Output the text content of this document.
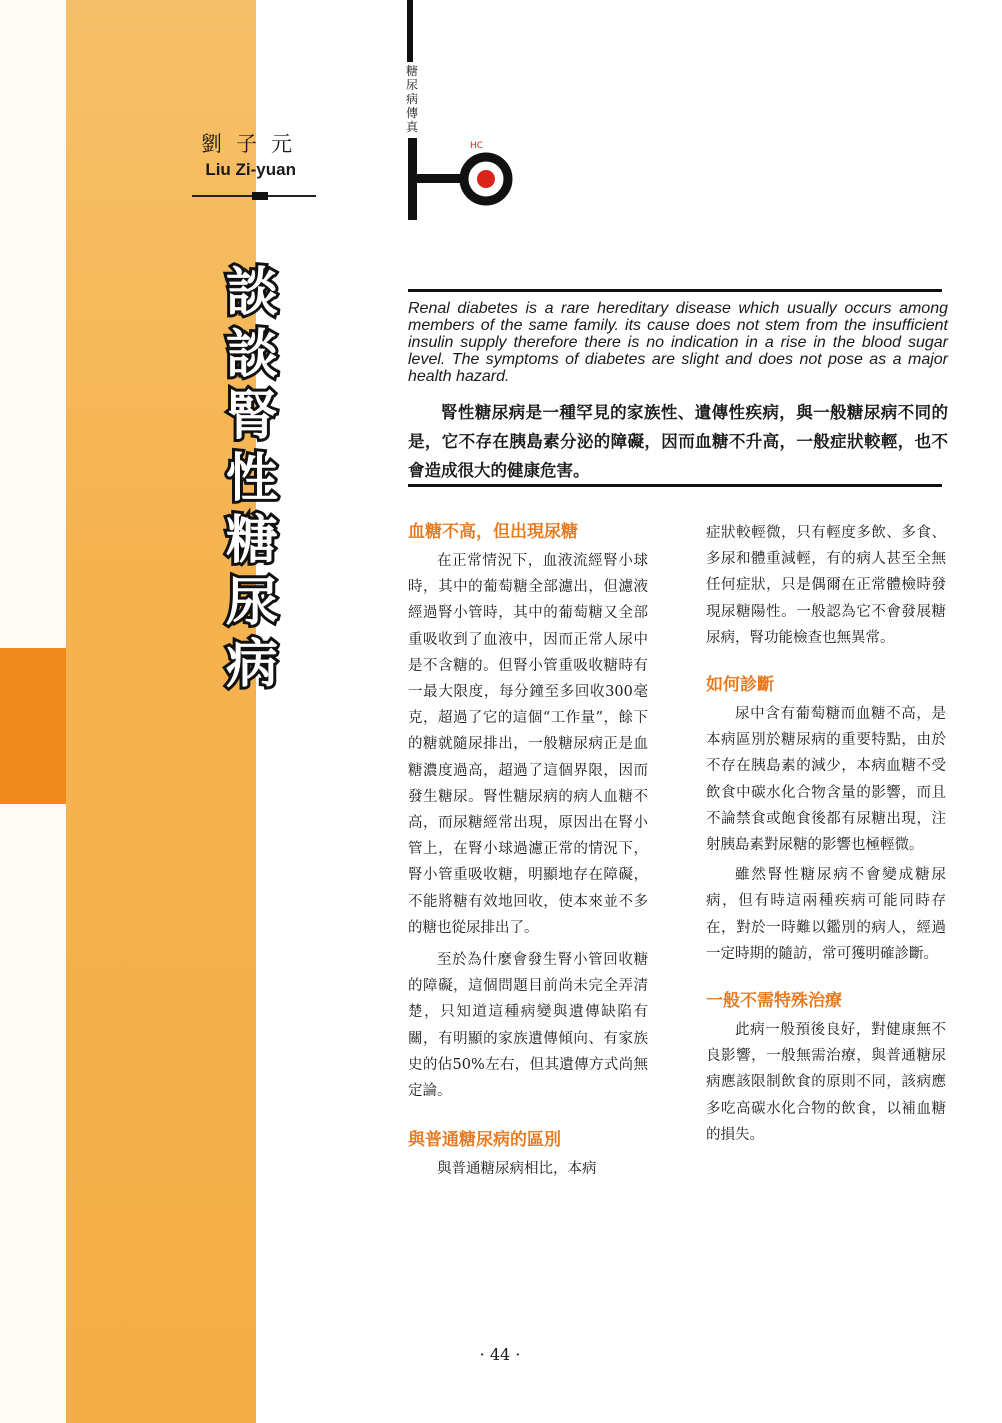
劉子元
Liu Zi-yuan
談談腎性糖尿病
糖尿病傳真
HC
Renal diabetes is a rare hereditary disease which usually occurs among members of the same family. its cause does not stem from the insufficient insulin supply therefore there is no indication in a rise in the blood sugar level. The symptoms of diabetes are slight and does not pose as a major health hazard.
腎性糖尿病是一種罕見的家族性、遺傳性疾病，與一般糖尿病不同的是，它不存在胰島素分泌的障礙，因而血糖不升高，一般症狀較輕，也不會造成很大的健康危害。
血糖不高，但出現尿糖

在正常情況下，血液流經腎小球時，其中的葡萄糖全部濾出，但濾液經過腎小管時，其中的葡萄糖又全部重吸收到了血液中，因而正常人尿中是不含糖的。但腎小管重吸收糖時有一最大限度，每分鐘至多回收300毫克，超過了它的這個“工作量”，餘下的糖就隨尿排出，一般糖尿病正是血糖濃度過高，超過了這個界限，因而發生糖尿。腎性糖尿病的病人血糖不高，而尿糖經常出現，原因出在腎小管上，在腎小球過濾正常的情況下，腎小管重吸收糖，明顯地存在障礙，不能將糖有效地回收，使本來並不多的糖也從尿排出了。

至於為什麼會發生腎小管回收糖的障礙，這個問題目前尚未完全弄清楚，只知道這種病變與遺傳缺陷有關，有明顯的家族遺傳傾向、有家族史的佔50%左右，但其遺傳方式尚無定論。

與普通糖尿病的區別

與普通糖尿病相比，本病

症狀較輕微，只有輕度多飲、多食、多尿和體重減輕，有的病人甚至全無任何症狀，只是偶爾在正常體檢時發現尿糖陽性。一般認為它不會發展糖尿病，腎功能檢查也無異常。

如何診斷

尿中含有葡萄糖而血糖不高，是本病區別於糖尿病的重要特點，由於不存在胰島素的減少，本病血糖不受飲食中碳水化合物含量的影響，而且不論禁食或飽食後都有尿糖出現，注射胰島素對尿糖的影響也極輕微。

雖然腎性糖尿病不會變成糖尿病，但有時這兩種疾病可能同時存在，對於一時難以鑑別的病人，經過一定時期的隨訪，常可獲明確診斷。

一般不需特殊治療

此病一般預後良好，對健康無不良影響，一般無需治療，與普通糖尿病應該限制飲食的原則不同，該病應多吃高碳水化合物的飲食，以補血糖的損失。

· 44 ·
